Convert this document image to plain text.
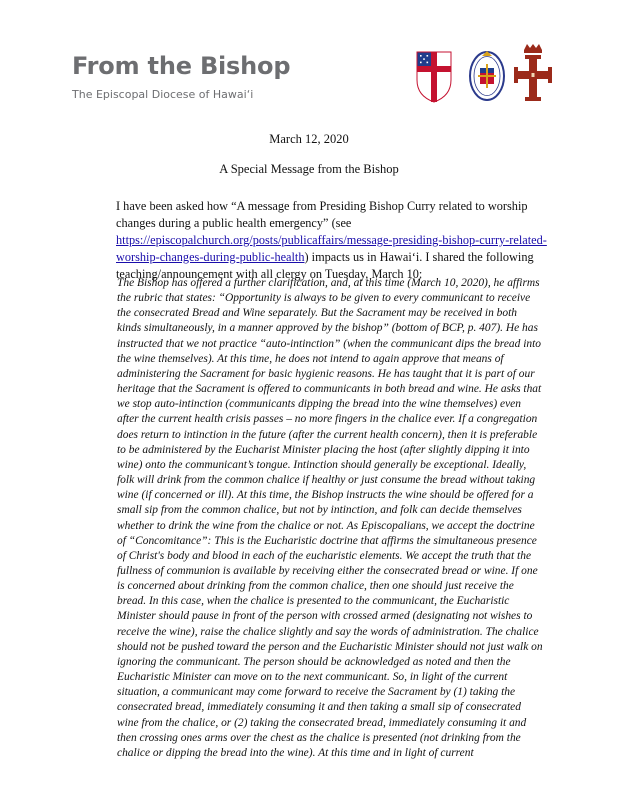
From the Bishop
The Episcopal Diocese of Hawai‘i
March 12, 2020
A Special Message from the Bishop

I have been asked how “A message from Presiding Bishop Curry related to worship changes during a public health emergency” (see https://episcopalchurch.org/posts/publicaffairs/message-presiding-bishop-curry-related-worship-changes-during-public-health) impacts us in Hawai‘i. I shared the following teaching/announcement with all clergy on Tuesday, March 10:

The Bishop has offered a further clarification, and, at this time (March 10, 2020), he affirms the rubric that states: “Opportunity is always to be given to every communicant to receive the consecrated Bread and Wine separately. But the Sacrament may be received in both kinds simultaneously, in a manner approved by the bishop” (bottom of BCP, p. 407). He has instructed that we not practice “auto-intinction” (when the communicant dips the bread into the wine themselves). At this time, he does not intend to again approve that means of administering the Sacrament for basic hygienic reasons. He has taught that it is part of our heritage that the Sacrament is offered to communicants in both bread and wine. He asks that we stop auto-intinction (communicants dipping the bread into the wine themselves) even after the current health crisis passes – no more fingers in the chalice ever. If a congregation does return to intinction in the future (after the current health concern), then it is preferable to be administered by the Eucharist Minister placing the host (after slightly dipping it into wine) onto the communicant’s tongue. Intinction should generally be exceptional. Ideally, folk will drink from the common chalice if healthy or just consume the bread without taking wine (if concerned or ill). At this time, the Bishop instructs the wine should be offered for a small sip from the common chalice, but not by intinction, and folk can decide themselves whether to drink the wine from the chalice or not. As Episcopalians, we accept the doctrine of “Concomitance”: This is the Eucharistic doctrine that affirms the simultaneous presence of Christ's body and blood in each of the eucharistic elements. We accept the truth that the fullness of communion is available by receiving either the consecrated bread or wine. If one is concerned about drinking from the common chalice, then one should just receive the bread. In this case, when the chalice is presented to the communicant, the Eucharistic Minister should pause in front of the person with crossed armed (designating not wishes to receive the wine), raise the chalice slightly and say the words of administration. The chalice should not be pushed toward the person and the Eucharistic Minister should not just walk on ignoring the communicant. The person should be acknowledged as noted and then the Eucharistic Minister can move on to the next communicant. So, in light of the current situation, a communicant may come forward to receive the Sacrament by (1) taking the consecrated bread, immediately consuming it and then taking a small sip of consecrated wine from the chalice, or (2) taking the consecrated bread, immediately consuming it and then crossing ones arms over the chest as the chalice is presented (not drinking from the chalice or dipping the bread into the wine). At this time and in light of current
